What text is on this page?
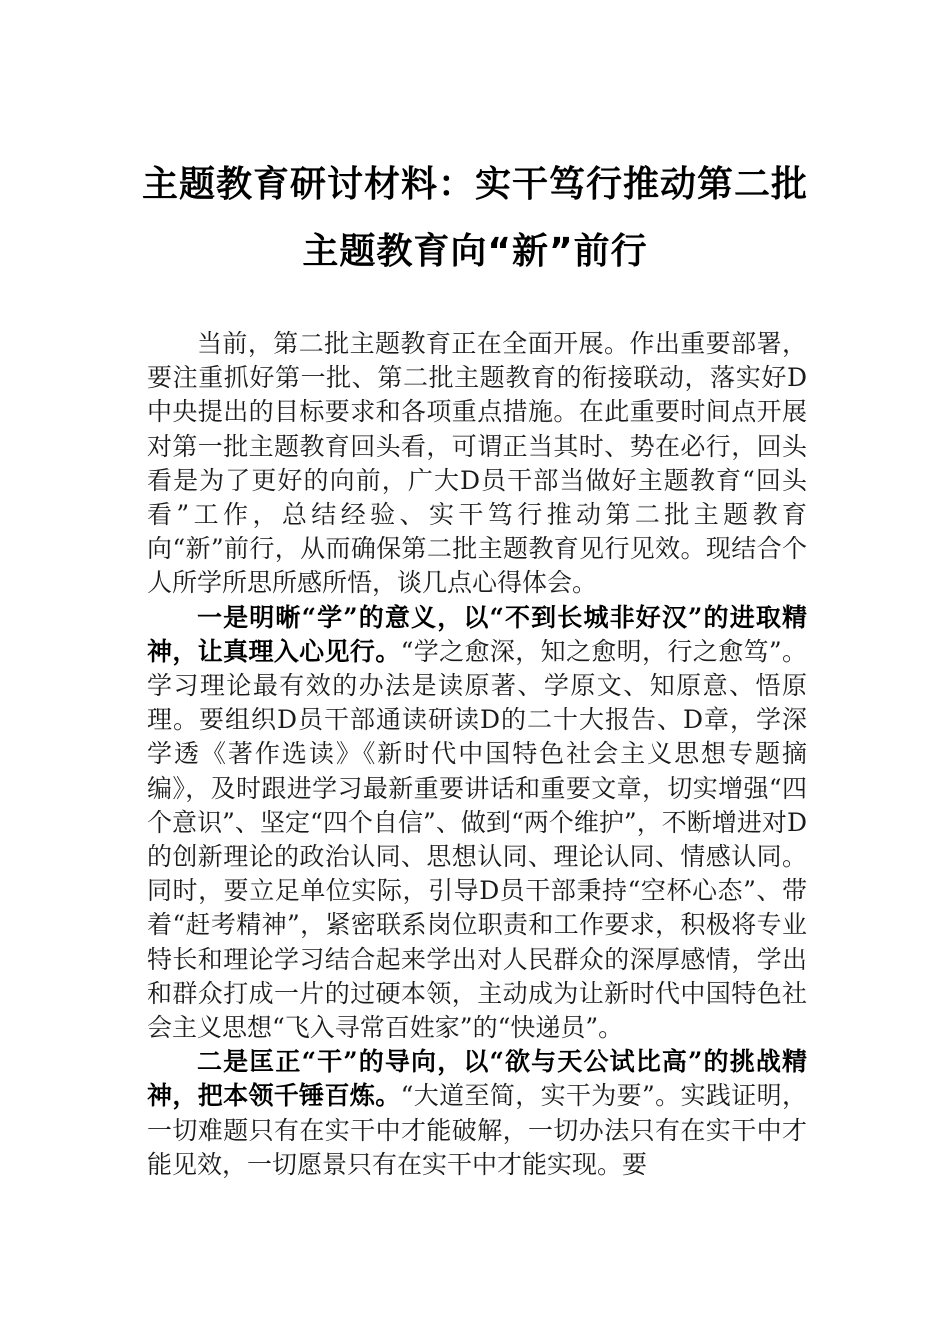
主题教育研讨材料：实干笃行推动第二批
主题教育向“新”前行

当前，第二批主题教育正在全面开展。作出重要部署，要注重抓好第一批、第二批主题教育的衔接联动，落实好D中央提出的目标要求和各项重点措施。在此重要时间点开展对第一批主题教育回头看，可谓正当其时、势在必行，回头看是为了更好的向前，广大D员干部当做好主题教育“回头看”工作，总结经验、实干笃行推动第二批主题教育向“新”前行，从而确保第二批主题教育见行见效。现结合个人所学所思所感所悟，谈几点心得体会。

一是明晰“学”的意义，以“不到长城非好汉”的进取精神，让真理入心见行。“学之愈深，知之愈明，行之愈笃”。学习理论最有效的办法是读原著、学原文、知原意、悟原理。要组织D员干部通读研读D的二十大报告、D章，学深学透《著作选读》《新时代中国特色社会主义思想专题摘编》，及时跟进学习最新重要讲话和重要文章，切实增强“四个意识”、坚定“四个自信”、做到“两个维护”，不断增进对D的创新理论的政治认同、思想认同、理论认同、情感认同。同时，要立足单位实际，引导D员干部秉持“空杯心态”、带着“赶考精神”，紧密联系岗位职责和工作要求，积极将专业特长和理论学习结合起来学出对人民群众的深厚感情，学出和群众打成一片的过硬本领，主动成为让新时代中国特色社会主义思想“飞入寻常百姓家”的“快递员”。

二是匡正“干”的导向，以“欲与天公试比高”的挑战精神，把本领千锤百炼。“大道至简，实干为要”。实践证明，一切难题只有在实干中才能破解，一切办法只有在实干中才能见效，一切愿景只有在实干中才能实现。要
